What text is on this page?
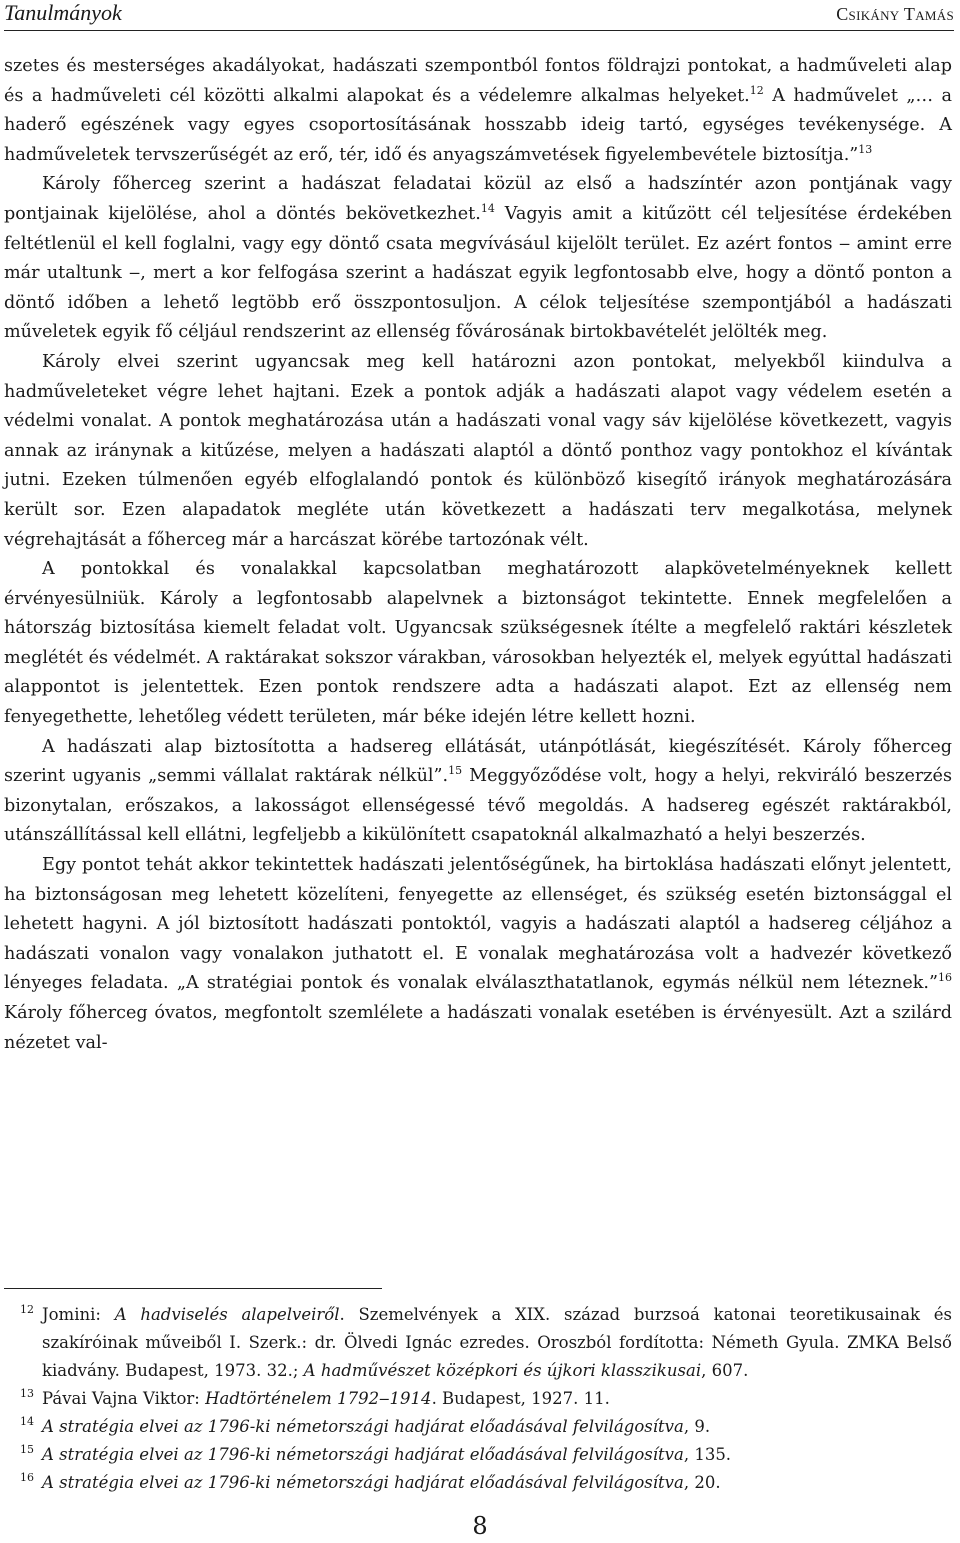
Tanulmányok	Csikány Tamás

szetes és mesterséges akadályokat, hadászati szempontból fontos földrajzi pontokat, a hadműveleti alap és a hadműveleti cél közötti alkalmi alapokat és a védelemre alkalmas helyeket.$^{12}$ A hadművelet „… a haderő egészének vagy egyes csoportosításának hosszabb ideig tartó, egységes tevékenysége. A hadműveletek tervszerűségét az erő, tér, idő és anyagszámvetések figyelembevétele biztosítja.”$^{13}$

Károly főherceg szerint a hadászat feladatai közül az első a hadszíntér azon pontjának vagy pontjainak kijelölése, ahol a döntés bekövetkezhet.$^{14}$ Vagyis amit a kitűzött cél teljesítése érdekében feltétlenül el kell foglalni, vagy egy döntő csata megvívásául kijelölt terület. Ez azért fontos ‒ amint erre már utaltunk ‒, mert a kor felfogása szerint a hadászat egyik legfontosabb elve, hogy a döntő ponton a döntő időben a lehető legtöbb erő összpontosuljon. A célok teljesítése szempontjából a hadászati műveletek egyik fő céljául rendszerint az ellenség fővárosának birtokbavételét jelölték meg.

Károly elvei szerint ugyancsak meg kell határozni azon pontokat, melyekből kiindulva a hadműveleteket végre lehet hajtani. Ezek a pontok adják a hadászati alapot vagy védelem esetén a védelmi vonalat. A pontok meghatározása után a hadászati vonal vagy sáv kijelölése következett, vagyis annak az iránynak a kitűzése, melyen a hadászati alaptól a döntő ponthoz vagy pontokhoz el kívántak jutni. Ezeken túlmenően egyéb elfoglalandó pontok és különböző kisegítő irányok meghatározására került sor. Ezen alapadatok megléte után következett a hadászati terv megalkotása, melynek végrehajtását a főherceg már a harcászat körébe tartozónak vélt.

A pontokkal és vonalakkal kapcsolatban meghatározott alapkövetelményeknek kellett érvényesülniük. Károly a legfontosabb alapelvnek a biztonságot tekintette. Ennek megfelelően a hátország biztosítása kiemelt feladat volt. Ugyancsak szükségesnek ítélte a megfelelő raktári készletek meglétét és védelmét. A raktárakat sokszor várakban, városokban helyezték el, melyek egyúttal hadászati alappontot is jelentettek. Ezen pontok rendszere adta a hadászati alapot. Ezt az ellenség nem fenyegethette, lehetőleg védett területen, már béke idején létre kellett hozni.

A hadászati alap biztosította a hadsereg ellátását, utánpótlását, kiegészítését. Károly főherceg szerint ugyanis „semmi vállalat raktárak nélkül”.$^{15}$ Meggyőződése volt, hogy a helyi, rekviráló beszerzés bizonytalan, erőszakos, a lakosságot ellenségessé tévő megoldás. A hadsereg egészét raktárakból, utánszállítással kell ellátni, legfeljebb a kikülönített csapatoknál alkalmazható a helyi beszerzés.

Egy pontot tehát akkor tekintettek hadászati jelentőségűnek, ha birtoklása hadászati előnyt jelentett, ha biztonságosan meg lehetett közelíteni, fenyegette az ellenséget, és szükség esetén biztonsággal el lehetett hagyni. A jól biztosított hadászati pontoktól, vagyis a hadászati alaptól a hadsereg céljához a hadászati vonalon vagy vonalakon juthatott el. E vonalak meghatározása volt a hadvezér következő lényeges feladata. „A stratégiai pontok és vonalak elválaszthatatlanok, egymás nélkül nem léteznek.”$^{16}$ Károly főherceg óvatos, megfontolt szemlélete a hadászati vonalak esetében is érvényesült. Azt a szilárd nézetet val-

12 Jomini: A hadviselés alapelveiről. Szemelvények a XIX. század burzsoá katonai teoretikusainak és szakíróinak műveiből I. Szerk.: dr. Ölvedi Ignác ezredes. Oroszból fordította: Németh Gyula. ZMKA Belső kiadvány. Budapest, 1973. 32.; A hadművészet középkori és újkori klasszikusai, 607.
13 Pávai Vajna Viktor: Hadtörténelem 1792‒1914. Budapest, 1927. 11.
14 A stratégia elvei az 1796-ki németországi hadjárat előadásával felvilágosítva, 9.
15 A stratégia elvei az 1796-ki németországi hadjárat előadásával felvilágosítva, 135.
16 A stratégia elvei az 1796-ki németországi hadjárat előadásával felvilágosítva, 20.
8
